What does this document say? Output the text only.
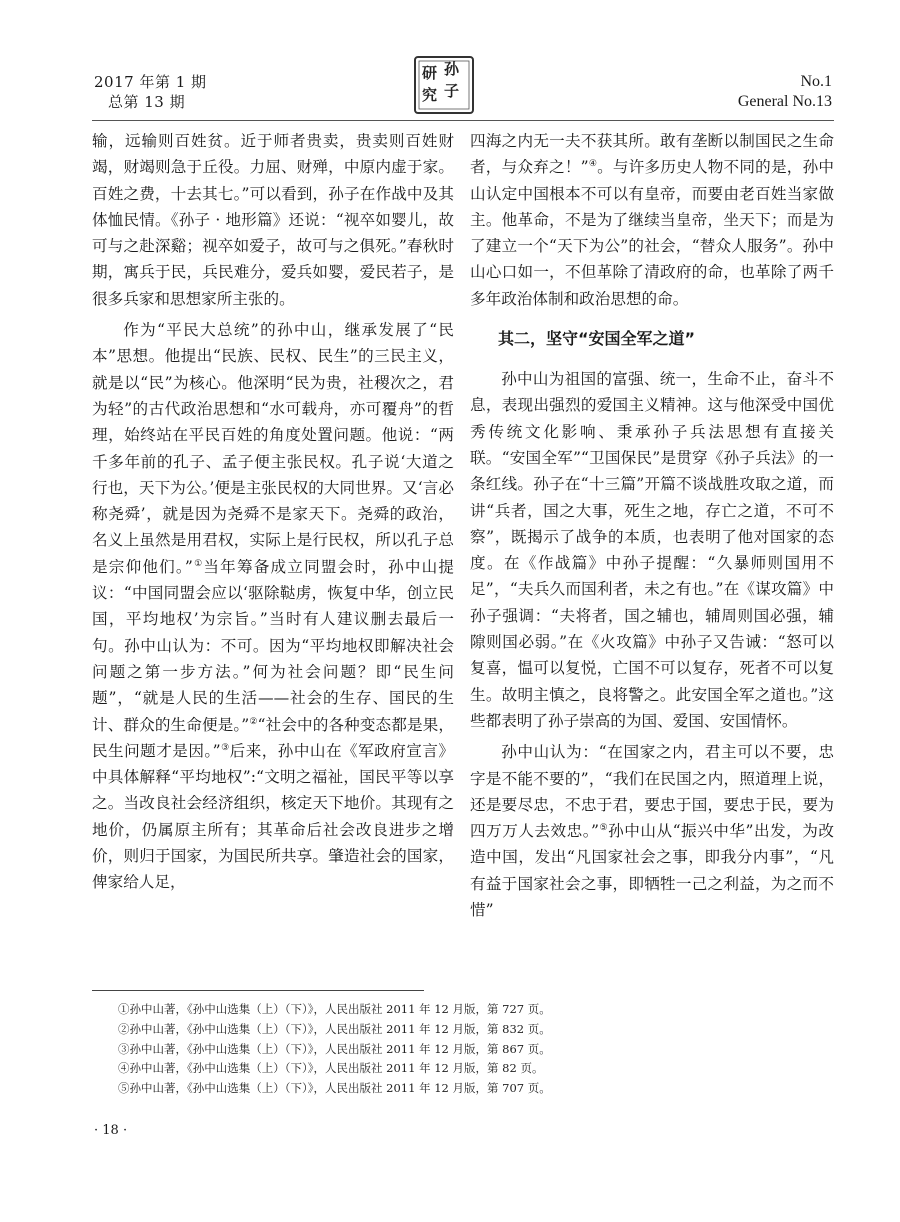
2017 年第 1 期
总第 13 期
研 孙
究 子
No.1
General No.13

输，远输则百姓贫。近于师者贵卖，贵卖则百姓财竭，财竭则急于丘役。力屈、财殚，中原内虚于家。百姓之费，十去其七。”可以看到，孙子在作战中及其体恤民情。《孙子 · 地形篇》还说：“视卒如婴儿，故可与之赴深谿；视卒如爱子，故可与之俱死。”春秋时期，寓兵于民，兵民难分，爱兵如婴，爱民若子，是很多兵家和思想家所主张的。

作为“平民大总统”的孙中山，继承发展了“民本”思想。他提出“民族、民权、民生”的三民主义，就是以“民”为核心。他深明“民为贵，社稷次之，君为轻”的古代政治思想和“水可载舟，亦可覆舟”的哲理，始终站在平民百姓的角度处置问题。他说：“两千多年前的孔子、孟子便主张民权。孔子说‘大道之行也，天下为公。’便是主张民权的大同世界。又‘言必称尧舜’，就是因为尧舜不是家天下。尧舜的政治，名义上虽然是用君权，实际上是行民权，所以孔子总是宗仰他们。”①当年筹备成立同盟会时，孙中山提议：“中国同盟会应以‘驱除鞑虏，恢复中华，创立民国，平均地权’为宗旨。”当时有人建议删去最后一句。孙中山认为：不可。因为“平均地权即解决社会问题之第一步方法。”何为社会问题？即“民生问题”，“就是人民的生活——社会的生存、国民的生计、群众的生命便是。”②“社会中的各种变态都是果，民生问题才是因。”③后来，孙中山在《军政府宣言》中具体解释“平均地权”:“文明之福祉，国民平等以享之。当改良社会经济组织，核定天下地价。其现有之地价，仍属原主所有；其革命后社会改良进步之增价，则归于国家，为国民所共享。肇造社会的国家，俾家给人足，

四海之内无一夫不获其所。敢有垄断以制国民之生命者，与众弃之！”④。与许多历史人物不同的是，孙中山认定中国根本不可以有皇帝，而要由老百姓当家做主。他革命，不是为了继续当皇帝，坐天下；而是为了建立一个“天下为公”的社会，“替众人服务”。孙中山心口如一，不但革除了清政府的命，也革除了两千多年政治体制和政治思想的命。

其二，坚守“安国全军之道”

孙中山为祖国的富强、统一，生命不止，奋斗不息，表现出强烈的爱国主义精神。这与他深受中国优秀传统文化影响、秉承孙子兵法思想有直接关联。“安国全军”“卫国保民”是贯穿《孙子兵法》的一条红线。孙子在“十三篇”开篇不谈战胜攻取之道，而讲“兵者，国之大事，死生之地，存亡之道，不可不察”，既揭示了战争的本质，也表明了他对国家的态度。在《作战篇》中孙子提醒：“久暴师则国用不足”，“夫兵久而国利者，未之有也。”在《谋攻篇》中孙子强调：“夫将者，国之辅也，辅周则国必强，辅隙则国必弱。”在《火攻篇》中孙子又告诫：“怒可以复喜，愠可以复悦，亡国不可以复存，死者不可以复生。故明主慎之，良将警之。此安国全军之道也。”这些都表明了孙子崇高的为国、爱国、安国情怀。

孙中山认为：“在国家之内，君主可以不要，忠字是不能不要的”，“我们在民国之内，照道理上说，还是要尽忠，不忠于君，要忠于国，要忠于民，要为四万万人去效忠。”⑤孙中山从“振兴中华”出发，为改造中国，发出“凡国家社会之事，即我分内事”，“凡有益于国家社会之事，即牺牲一己之利益，为之而不惜”

①孙中山著，《孙中山选集（上）（下）》，人民出版社 2011 年 12 月版，第 727 页。
②孙中山著，《孙中山选集（上）（下）》，人民出版社 2011 年 12 月版，第 832 页。
③孙中山著，《孙中山选集（上）（下）》，人民出版社 2011 年 12 月版，第 867 页。
④孙中山著，《孙中山选集（上）（下）》，人民出版社 2011 年 12 月版，第 82 页。
⑤孙中山著，《孙中山选集（上）（下）》，人民出版社 2011 年 12 月版，第 707 页。
· 18 ·
